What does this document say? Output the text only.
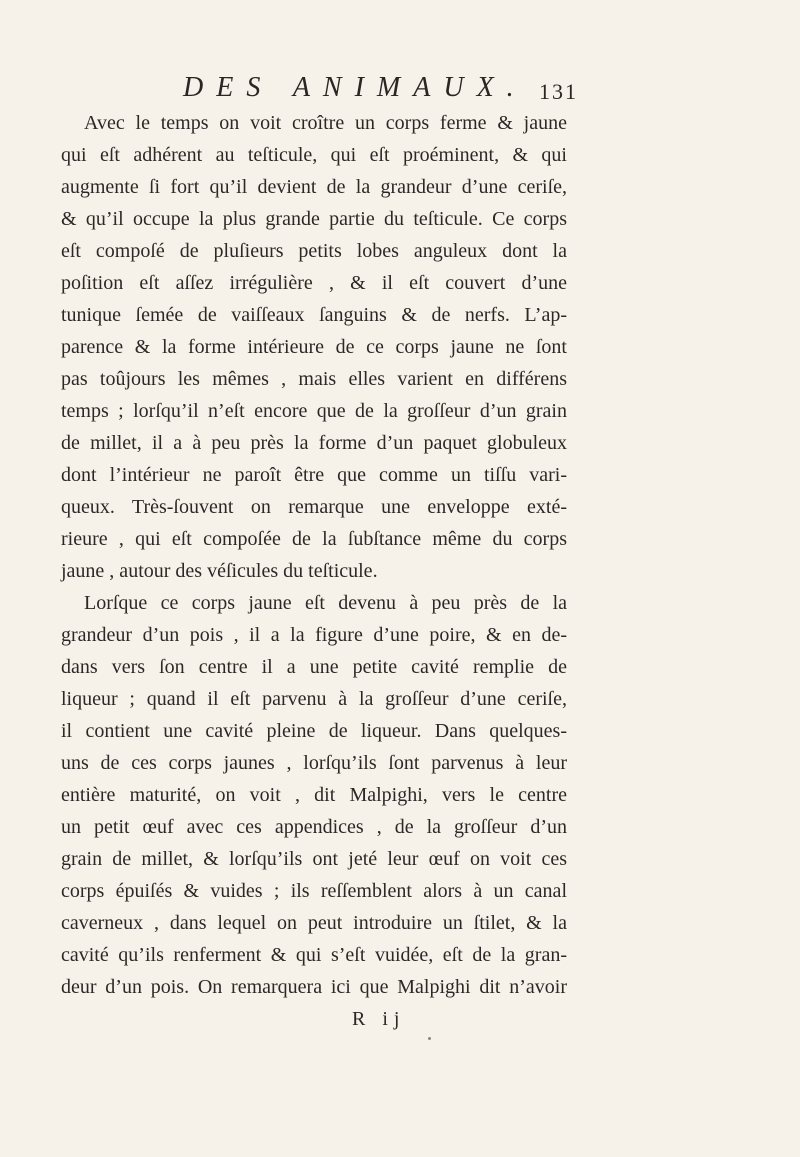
DES ANIMAUX. 131
Avec le temps on voit croître un corps ferme & jaune
qui eſt adhérent au teſticule, qui eſt proéminent, & qui
augmente ſi fort qu’il devient de la grandeur d’une ceriſe,
& qu’il occupe la plus grande partie du teſticule. Ce corps
eſt compoſé de pluſieurs petits lobes anguleux dont la
poſition eſt aſſez irrégulière , & il eſt couvert d’une
tunique ſemée de vaiſſeaux ſanguins & de nerfs. L’ap-
parence & la forme intérieure de ce corps jaune ne ſont
pas toûjours les mêmes , mais elles varient en différens
temps ; lorſqu’il n’eſt encore que de la groſſeur d’un grain
de millet, il a à peu près la forme d’un paquet globuleux
dont l’intérieur ne paroît être que comme un tiſſu vari-
queux. Très-ſouvent on remarque une enveloppe exté-
rieure , qui eſt compoſée de la ſubſtance même du corps
jaune , autour des véſicules du teſticule.
Lorſque ce corps jaune eſt devenu à peu près de la
grandeur d’un pois , il a la figure d’une poire, & en de-
dans vers ſon centre il a une petite cavité remplie de
liqueur ; quand il eſt parvenu à la groſſeur d’une ceriſe,
il contient une cavité pleine de liqueur. Dans quelques-
uns de ces corps jaunes , lorſqu’ils ſont parvenus à leur
entière maturité, on voit , dit Malpighi, vers le centre
un petit œuf avec ces appendices , de la groſſeur d’un
grain de millet, & lorſqu’ils ont jeté leur œuf on voit ces
corps épuiſés & vuides ; ils reſſemblent alors à un canal
caverneux , dans lequel on peut introduire un ſtilet, & la
cavité qu’ils renferment & qui s’eſt vuidée, eſt de la gran-
deur d’un pois. On remarquera ici que Malpighi dit n’avoir
R ij
